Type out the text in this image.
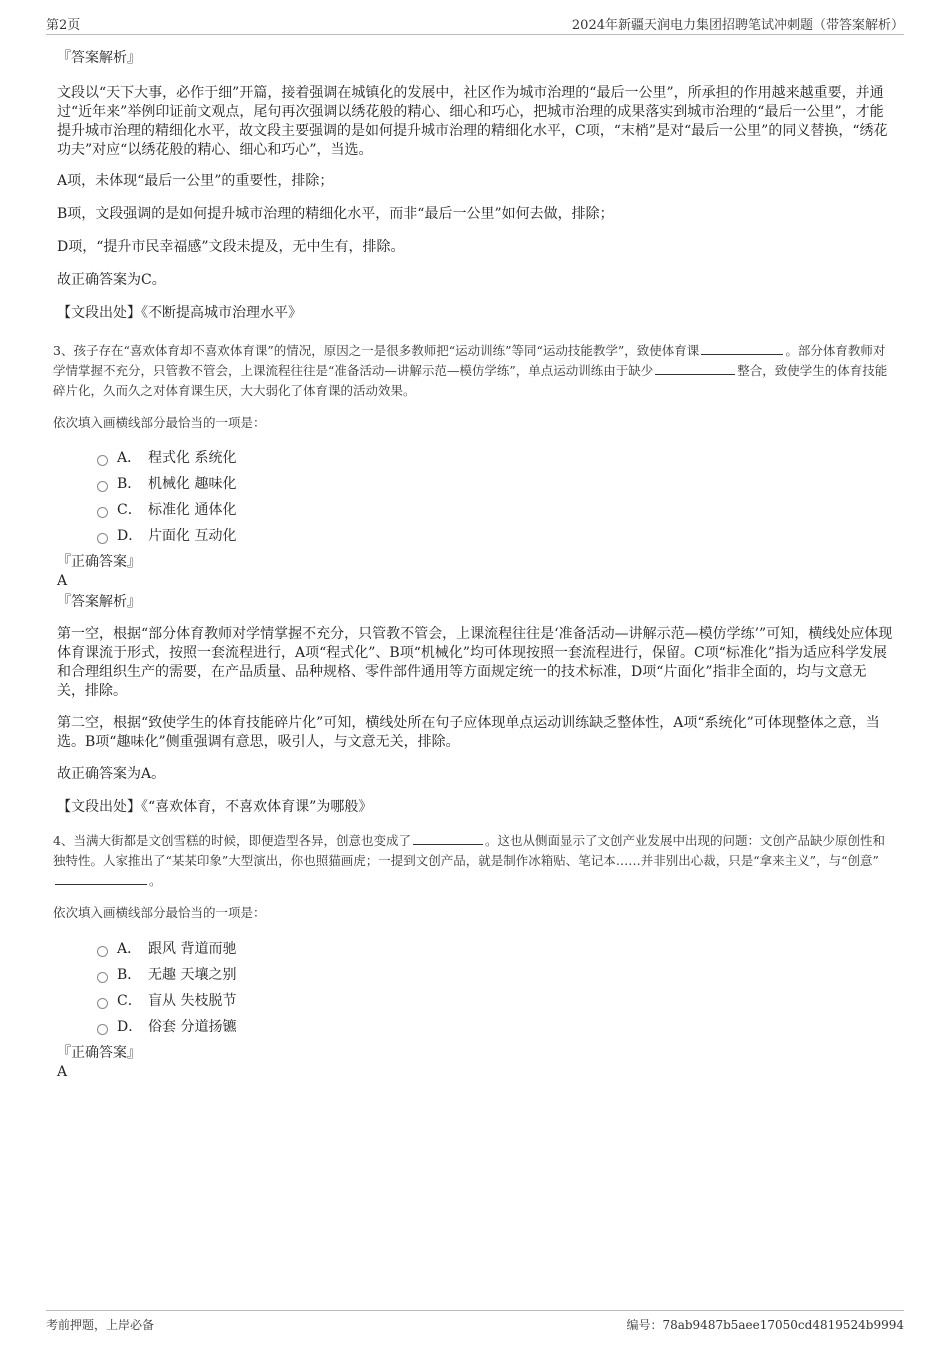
第2页	2024年新疆天润电力集团招聘笔试冲刺题（带答案解析）

『答案解析』

文段以“天下大事，必作于细”开篇，接着强调在城镇化的发展中，社区作为城市治理的“最后一公里”，所承担的作用越来越重要，并通过“近年来”举例印证前文观点，尾句再次强调以绣花般的精心、细心和巧心，把城市治理的成果落实到城市治理的“最后一公里”，才能提升城市治理的精细化水平，故文段主要强调的是如何提升城市治理的精细化水平，C项，“末梢”是对“最后一公里”的同义替换，“绣花功夫”对应“以绣花般的精心、细心和巧心”，当选。

A项，未体现“最后一公里”的重要性，排除；

B项，文段强调的是如何提升城市治理的精细化水平，而非“最后一公里”如何去做，排除；

D项，“提升市民幸福感”文段未提及，无中生有，排除。

故正确答案为C。

【文段出处】《不断提高城市治理水平》

3、孩子存在“喜欢体育却不喜欢体育课”的情况，原因之一是很多教师把“运动训练”等同“运动技能教学”，致使体育课	。部分体育教师对学情掌握不充分，只管教不管会，上课流程往往是“准备活动—讲解示范—模仿学练”，单点运动训练由于缺少	整合，致使学生的体育技能碎片化，久而久之对体育课生厌，大大弱化了体育课的活动效果。

依次填入画横线部分最恰当的一项是：

A． 程式化 系统化
B． 机械化 趣味化
C． 标准化 通体化
D． 片面化 互动化

『正确答案』

A

『答案解析』

第一空，根据“部分体育教师对学情掌握不充分，只管教不管会，上课流程往往是‘准备活动—讲解示范—模仿学练’”可知，横线处应体现体育课流于形式，按照一套流程进行，A项“程式化”、B项“机械化”均可体现按照一套流程进行，保留。C项“标准化”指为适应科学发展和合理组织生产的需要，在产品质量、品种规格、零件部件通用等方面规定统一的技术标准，D项“片面化”指非全面的，均与文意无关，排除。

第二空，根据“致使学生的体育技能碎片化”可知，横线处所在句子应体现单点运动训练缺乏整体性，A项“系统化”可体现整体之意，当选。B项“趣味化”侧重强调有意思，吸引人，与文意无关，排除。

故正确答案为A。

【文段出处】《“喜欢体育，不喜欢体育课”为哪般》

4、当满大街都是文创雪糕的时候，即便造型各异，创意也变成了	。这也从侧面显示了文创产业发展中出现的问题：文创产品缺少原创性和独特性。人家推出了“某某印象”大型演出，你也照猫画虎；一提到文创产品，就是制作冰箱贴、笔记本……并非别出心裁，只是“拿来主义”，与“创意”。

依次填入画横线部分最恰当的一项是：

A． 跟风 背道而驰
B． 无趣 天壤之别
C． 盲从 失枝脱节
D． 俗套 分道扬镳

『正确答案』

A

考前押题，上岸必备	编号：78ab9487b5aee17050cd4819524b9994
